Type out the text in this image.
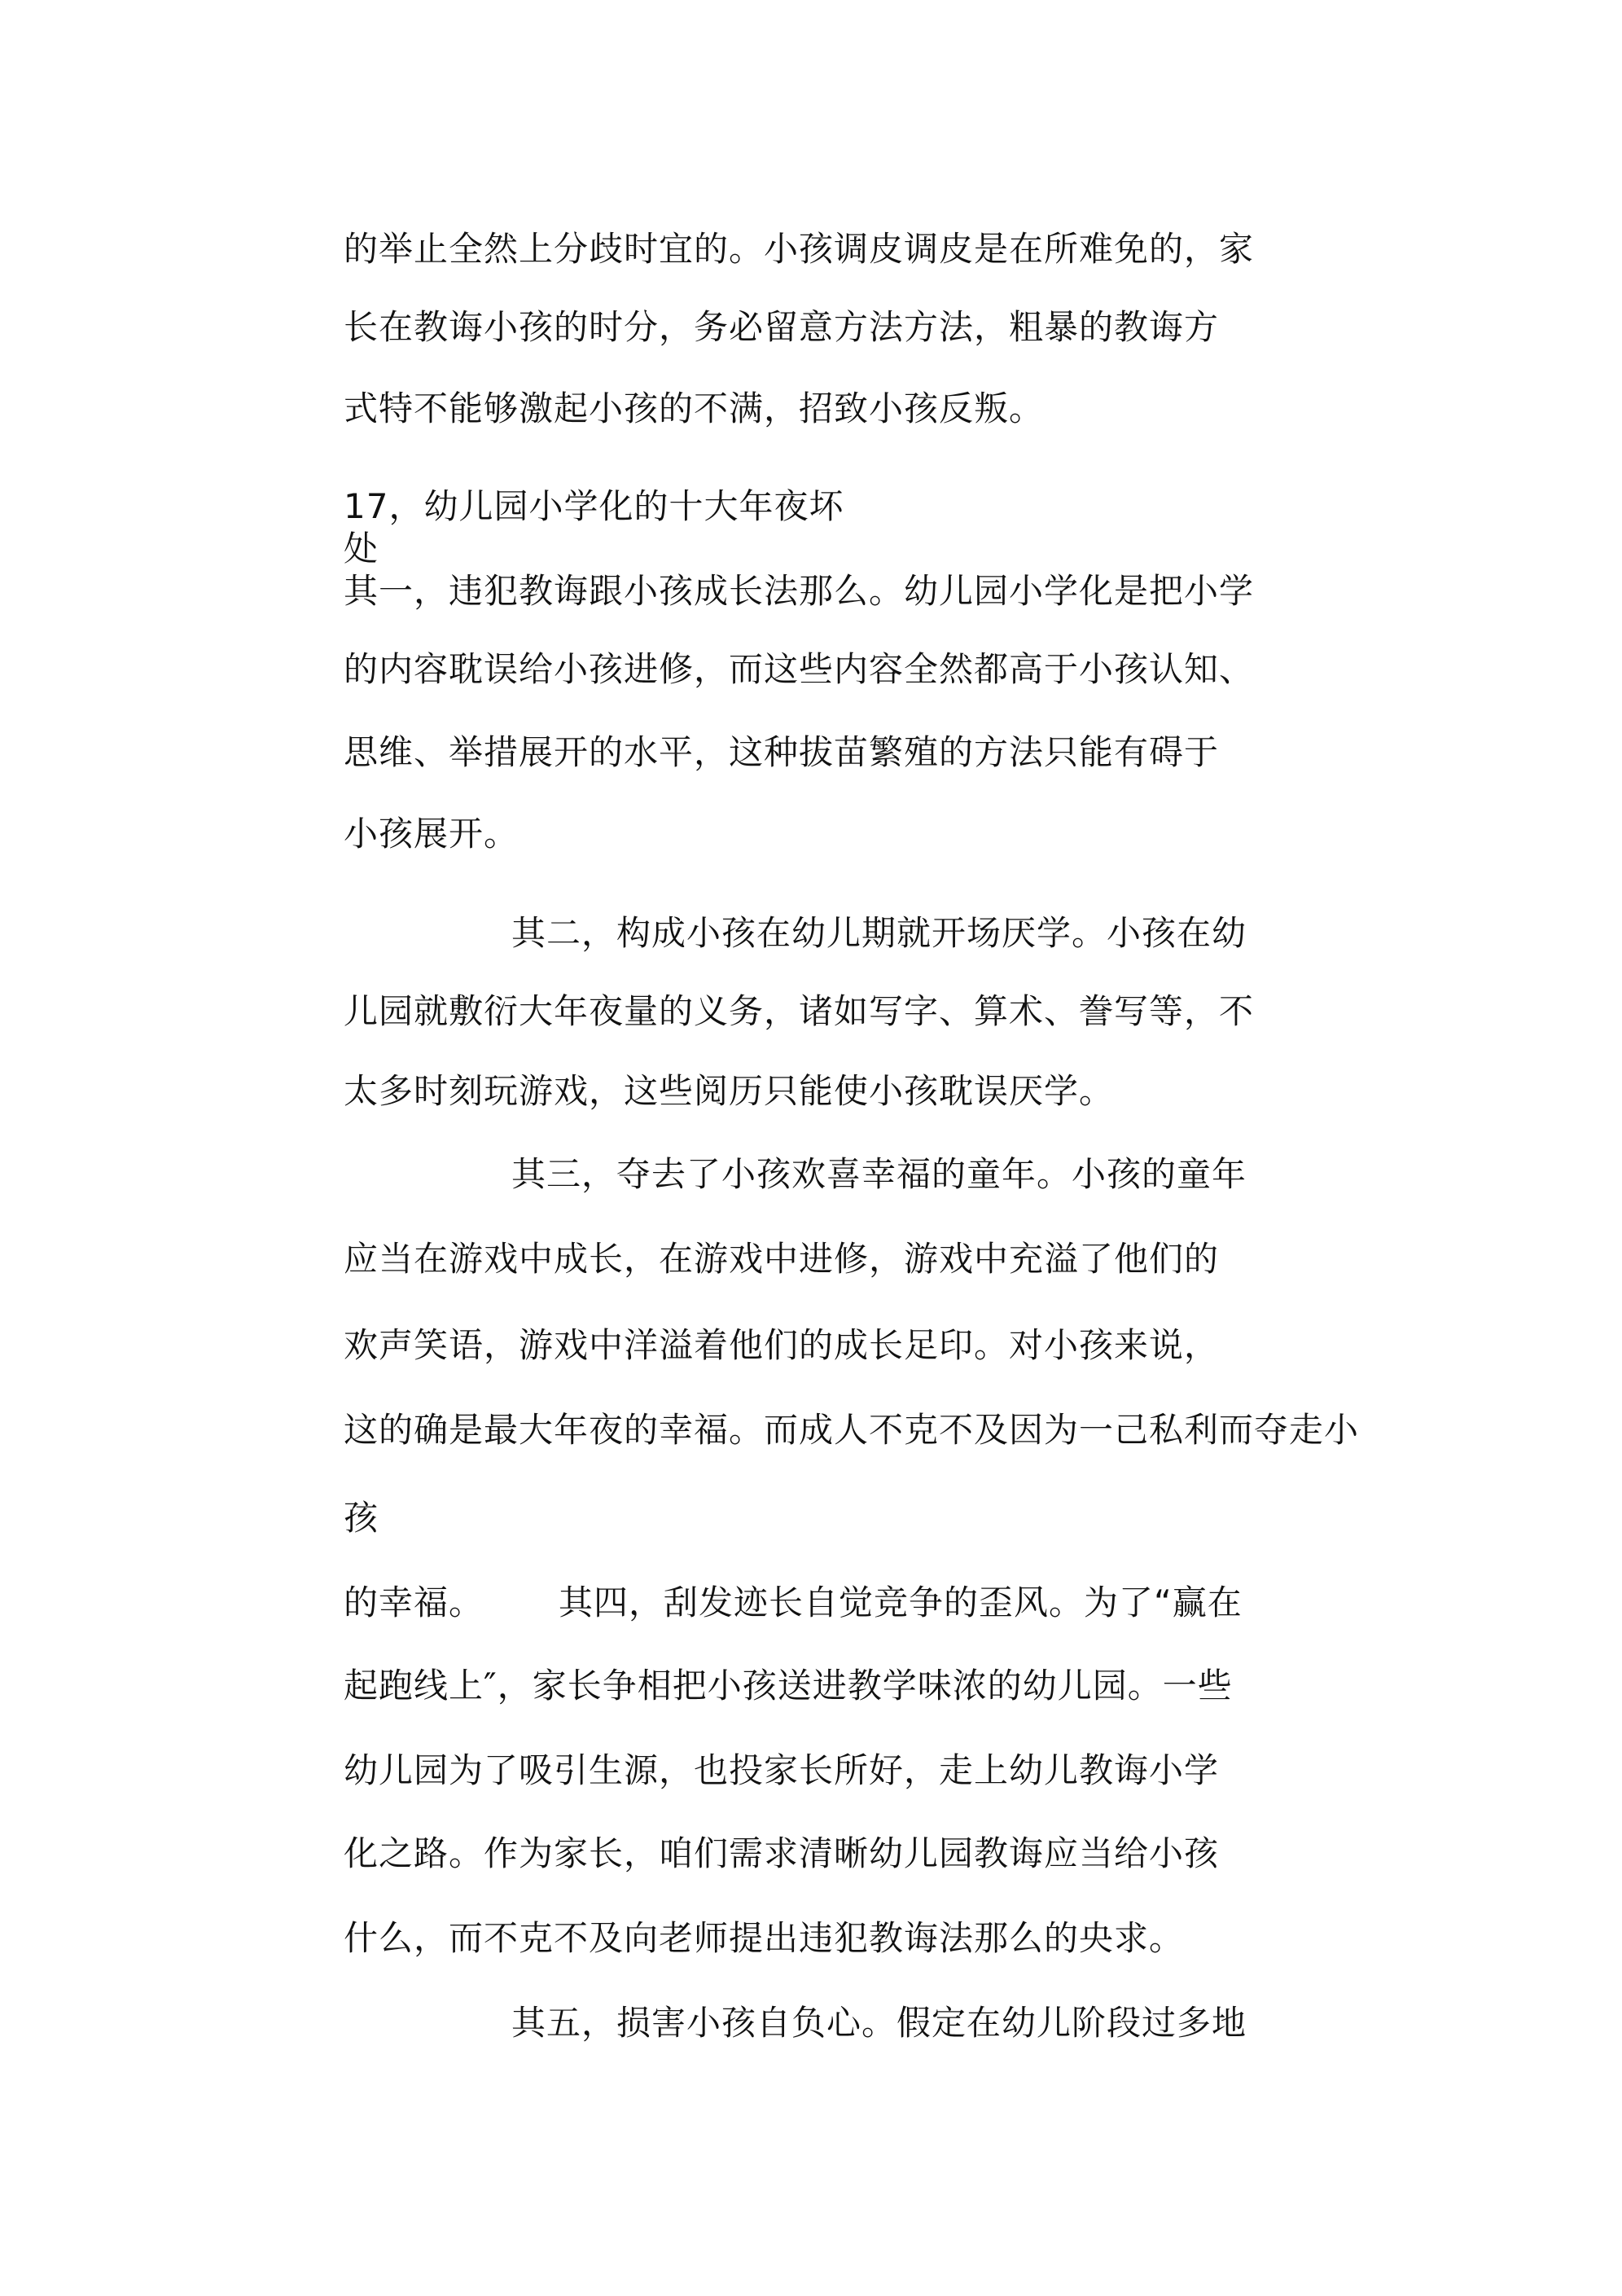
的举止全然上分歧时宜的。小孩调皮调皮是在所难免的，家
长在教诲小孩的时分，务必留意方法方法，粗暴的教诲方
式特不能够激起小孩的不满，招致小孩反叛。
17，幼儿园小学化的十大年夜坏
处
其一，违犯教诲跟小孩成长法那么。幼儿园小学化是把小学
的内容耽误给小孩进修，而这些内容全然都高于小孩认知、
思维、举措展开的水平，这种拔苗繁殖的方法只能有碍于
小孩展开。
其二，构成小孩在幼儿期就开场厌学。小孩在幼
儿园就敷衍大年夜量的义务，诸如写字、算术、誊写等，不
太多时刻玩游戏，这些阅历只能使小孩耽误厌学。
其三，夺去了小孩欢喜幸福的童年。小孩的童年
应当在游戏中成长，在游戏中进修，游戏中充溢了他们的
欢声笑语，游戏中洋溢着他们的成长足印。对小孩来说，
这的确是最大年夜的幸福。而成人不克不及因为一己私利而夺走小
孩
的幸福。 其四，刮发迹长自觉竞争的歪风。为了“赢在
起跑线上″，家长争相把小孩送进教学味浓的幼儿园。一些
幼儿园为了吸引生源，也投家长所好，走上幼儿教诲小学
化之路。作为家长，咱们需求清晰幼儿园教诲应当给小孩
什么，而不克不及向老师提出违犯教诲法那么的央求。
其五，损害小孩自负心。假定在幼儿阶段过多地
